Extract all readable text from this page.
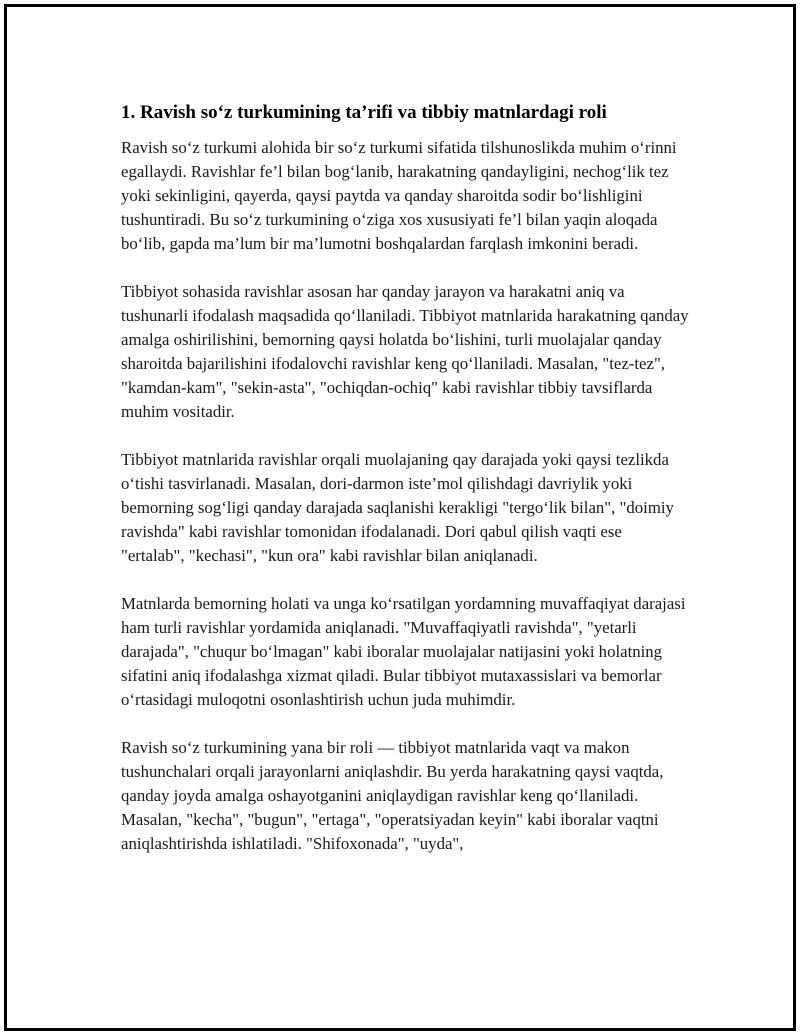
1. Ravish so‘z turkumining ta’rifi va tibbiy matnlardagi roli

Ravish so‘z turkumi alohida bir so‘z turkumi sifatida tilshunoslikda muhim o‘rinni egallaydi. Ravishlar fe’l bilan bog‘lanib, harakatning qandayligini, nechog‘lik tez yoki sekinligini, qayerda, qaysi paytda va qanday sharoitda sodir bo‘lishligini tushuntiradi. Bu so‘z turkumining o‘ziga xos xususiyati fe’l bilan yaqin aloqada bo‘lib, gapda ma’lum bir ma’lumotni boshqalardan farqlash imkonini beradi.

Tibbiyot sohasida ravishlar asosan har qanday jarayon va harakatni aniq va tushunarli ifodalash maqsadida qo‘llaniladi. Tibbiyot matnlarida harakatning qanday amalga oshirilishini, bemorning qaysi holatda bo‘lishini, turli muolajalar qanday sharoitda bajarilishini ifodalovchi ravishlar keng qo‘llaniladi. Masalan, "tez-tez", "kamdan-kam", "sekin-asta", "ochiqdan-ochiq" kabi ravishlar tibbiy tavsiflarda muhim vositadir.

Tibbiyot matnlarida ravishlar orqali muolajaning qay darajada yoki qaysi tezlikda o‘tishi tasvirlanadi. Masalan, dori-darmon iste’mol qilishdagi davriylik yoki bemorning sog‘ligi qanday darajada saqlanishi kerakligi "tergo‘lik bilan", "doimiy ravishda" kabi ravishlar tomonidan ifodalanadi. Dori qabul qilish vaqti ese "ertalab", "kechasi", "kun ora" kabi ravishlar bilan aniqlanadi.

Matnlarda bemorning holati va unga ko‘rsatilgan yordamning muvaffaqiyat darajasi ham turli ravishlar yordamida aniqlanadi. "Muvaffaqiyatli ravishda", "yetarli darajada", "chuqur bo‘lmagan" kabi iboralar muolajalar natijasini yoki holatning sifatini aniq ifodalashga xizmat qiladi. Bular tibbiyot mutaxassislari va bemorlar o‘rtasidagi muloqotni osonlashtirish uchun juda muhimdir.

Ravish so‘z turkumining yana bir roli — tibbiyot matnlarida vaqt va makon tushunchalari orqali jarayonlarni aniqlashdir. Bu yerda harakatning qaysi vaqtda, qanday joyda amalga oshayotganini aniqlaydigan ravishlar keng qo‘llaniladi. Masalan, "kecha", "bugun", "ertaga", "operatsiyadan keyin" kabi iboralar vaqtni aniqlashtirishda ishlatiladi. "Shifoxonada", "uyda",
